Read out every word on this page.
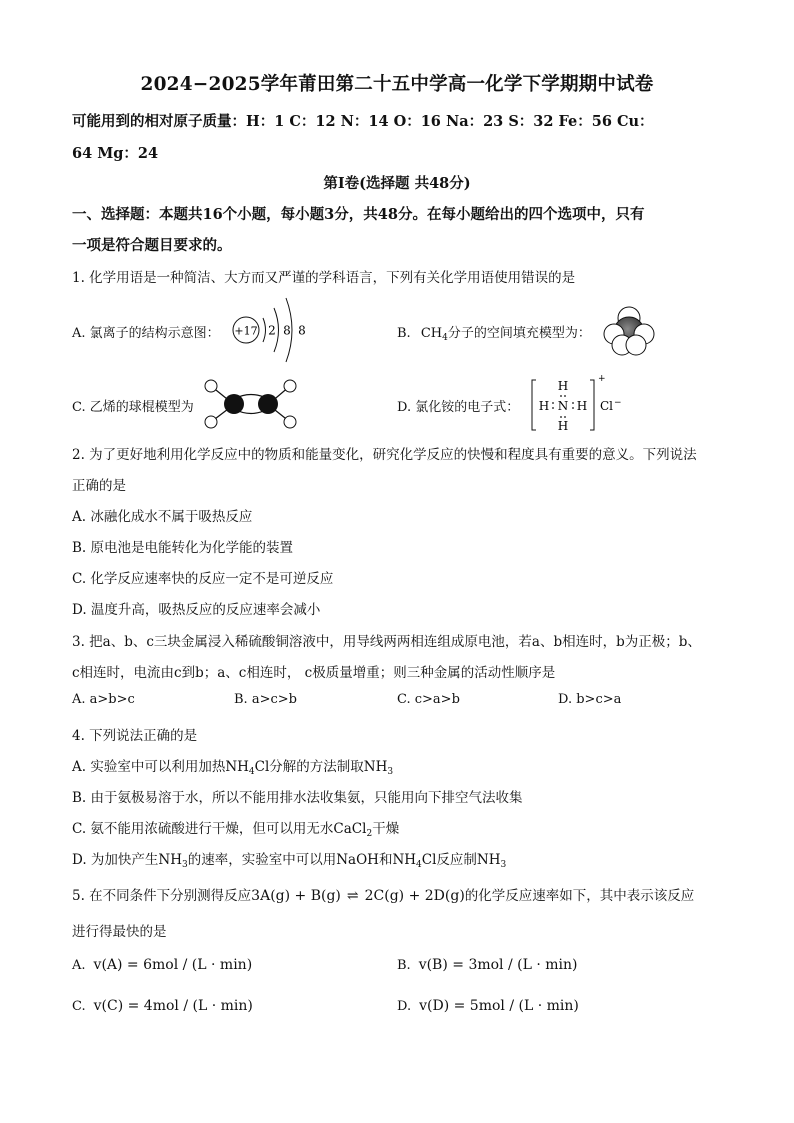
2024−2025学年莆田第二十五中学高一化学下学期期中试卷
可能用到的相对原子质量：H：1 C：12 N：14 O：16 Na：23 S：32 Fe：56 Cu：
64 Mg：24
第Ⅰ卷(选择题 共48分)
一、选择题：本题共16个小题，每小题3分，共48分。在每小题给出的四个选项中，只有
一项是符合题目要求的。
1. 化学用语是一种简洁、大方而又严谨的学科语言，下列有关化学用语使用错误的是
A. 氯离子的结构示意图： +17 2 8 8	B. $CH_4$分子的空间填充模型为：
C. 乙烯的球棍模型为	D. 氯化铵的电子式：
+
H
N
H
H H Cl −
2. 为了更好地利用化学反应中的物质和能量变化，研究化学反应的快慢和程度具有重要的意义。下列说法
正确的是
A. 冰融化成水不属于吸热反应
B. 原电池是电能转化为化学能的装置
C. 化学反应速率快的反应一定不是可逆反应
D. 温度升高，吸热反应的反应速率会减小
3. 把a、b、c三块金属浸入稀硫酸铜溶液中，用导线两两相连组成原电池，若a、b相连时，b为正极；b、
c相连时，电流由c到b；a、c相连时， c极质量增重；则三种金属的活动性顺序是
A. a>b>c	B. a>c>b	C. c>a>b	D. b>c>a
4. 下列说法正确的是
A. 实验室中可以利用加热$NH_4Cl$分解的方法制取$NH_3$
B. 由于氨极易溶于水，所以不能用排水法收集氨，只能用向下排空气法收集
C. 氨不能用浓硫酸进行干燥，但可以用无水CaCl$_2$干燥
D. 为加快产生$NH_3$的速率，实验室中可以用NaOH和$NH_4Cl$反应制$NH_3$
5. 在不同条件下分别测得反应3A(g) + B(g) ⇌ 2C(g) + 2D(g)的化学反应速率如下，其中表示该反应
进行得最快的是
A. v(A) = 6mol / (L · min)	B. v(B) = 3mol / (L · min)
C. v(C) = 4mol / (L · min)	D. v(D) = 5mol / (L · min)
